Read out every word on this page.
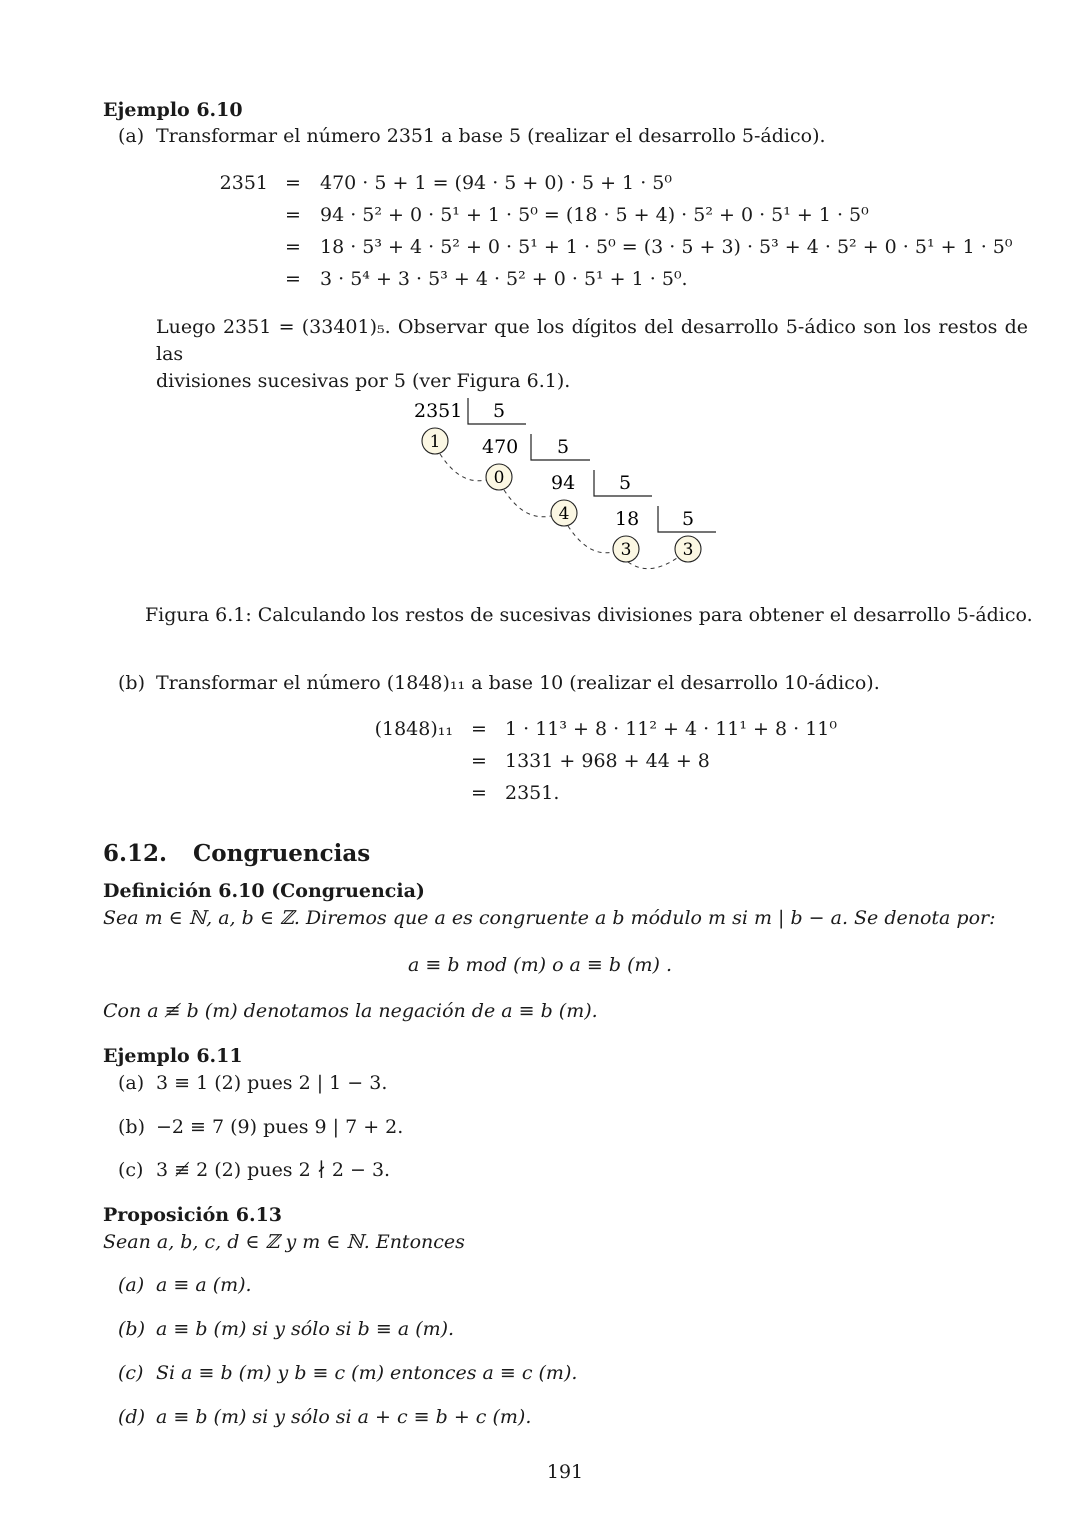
Ejemplo 6.10
(a) Transformar el número 2351 a base 5 (realizar el desarrollo 5-ádico).
2351 =
=
=
=
470 · 5 + 1 = (94 · 5 + 0) · 5 + 1 · 5⁰
94 · 5² + 0 · 5¹ + 1 · 5⁰ = (18 · 5 + 4) · 5² + 0 · 5¹ + 1 · 5⁰
18 · 5³ + 4 · 5² + 0 · 5¹ + 1 · 5⁰ = (3 · 5 + 3) · 5³ + 4 · 5² + 0 · 5¹ + 1 · 5⁰
3 · 5⁴ + 3 · 5³ + 4 · 5² + 0 · 5¹ + 1 · 5⁰.
Luego 2351 = (33401)₅. Observar que los dígitos del desarrollo 5-ádico son los restos de las
divisiones sucesivas por 5 (ver Figura 6.1).
2351
470
94
18
5
5
5
5
1
0
4
3	3
Figura 6.1: Calculando los restos de sucesivas divisiones para obtener el desarrollo 5-ádico.
(b) Transformar el número (1848)₁₁ a base 10 (realizar el desarrollo 10-ádico).
(1848)₁₁ =
=
=
1 · 11³ + 8 · 11² + 4 · 11¹ + 8 · 11⁰
1331 + 968 + 44 + 8
2351.
6.12. Congruencias
Definición 6.10 (Congruencia)
Sea m ∈ ℕ, a, b ∈ ℤ. Diremos que a es congruente a b módulo m si m | b − a. Se denota por:
a ≡ b mod (m) o a ≡ b (m) .
Con a ≢ b (m) denotamos la negación de a ≡ b (m).
Ejemplo 6.11
(a) 3 ≡ 1 (2) pues 2 | 1 − 3.
(b) −2 ≡ 7 (9) pues 9 | 7 + 2.
(c) 3 ≢ 2 (2) pues 2 ∤ 2 − 3.
Proposición 6.13
Sean a, b, c, d ∈ ℤ y m ∈ ℕ. Entonces
(a) a ≡ a (m).
(b) a ≡ b (m) si y sólo si b ≡ a (m).
(c) Si a ≡ b (m) y b ≡ c (m) entonces a ≡ c (m).
(d) a ≡ b (m) si y sólo si a + c ≡ b + c (m).
191
